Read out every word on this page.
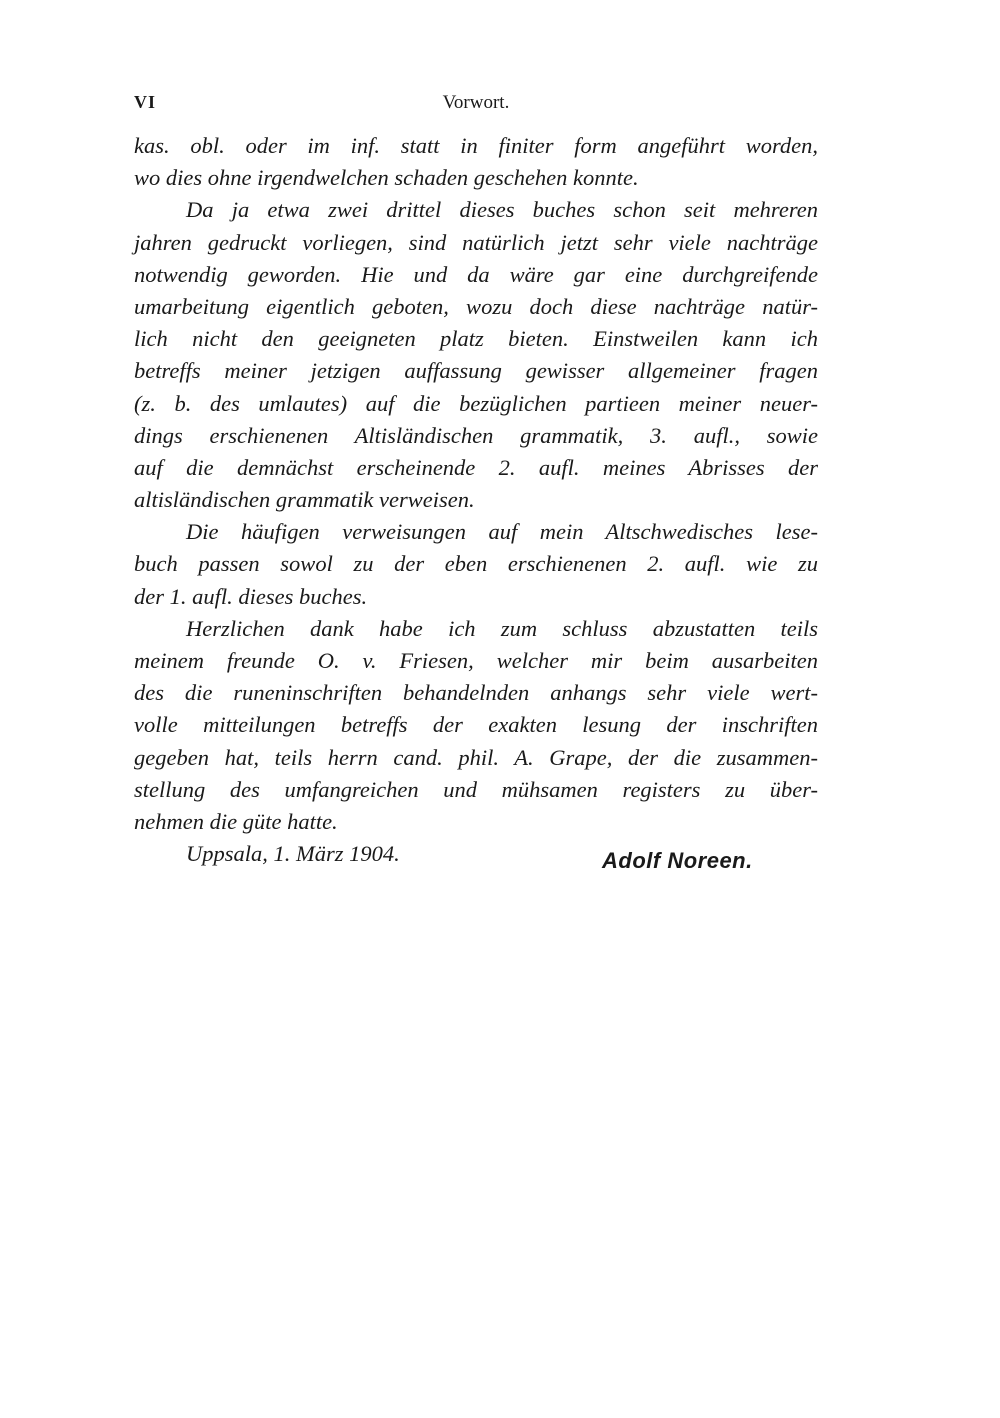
VI	Vorwort.
kas. obl. oder im inf. statt in finiter form angeführt worden,
wo dies ohne irgendwelchen schaden geschehen konnte.
Da ja etwa zwei drittel dieses buches schon seit mehreren
jahren gedruckt vorliegen, sind natürlich jetzt sehr viele nachträge
notwendig geworden. Hie und da wäre gar eine durchgreifende
umarbeitung eigentlich geboten, wozu doch diese nachträge natür-
lich nicht den geeigneten platz bieten. Einstweilen kann ich
betreffs meiner jetzigen auffassung gewisser allgemeiner fragen
(z. b. des umlautes) auf die bezüglichen partieen meiner neuer-
dings erschienenen Altisländischen grammatik, 3. aufl., sowie
auf die demnächst erscheinende 2. aufl. meines Abrisses der
altisländischen grammatik verweisen.
Die häufigen verweisungen auf mein Altschwedisches lese-
buch passen sowol zu der eben erschienenen 2. aufl. wie zu
der 1. aufl. dieses buches.
Herzlichen dank habe ich zum schluss abzustatten teils
meinem freunde O. v. Friesen, welcher mir beim ausarbeiten
des die runeninschriften behandelnden anhangs sehr viele wert-
volle mitteilungen betreffs der exakten lesung der inschriften
gegeben hat, teils herrn cand. phil. A. Grape, der die zusammen-
stellung des umfangreichen und mühsamen registers zu über-
nehmen die güte hatte.
Uppsala, 1. März 1904.	Adolf Noreen.
